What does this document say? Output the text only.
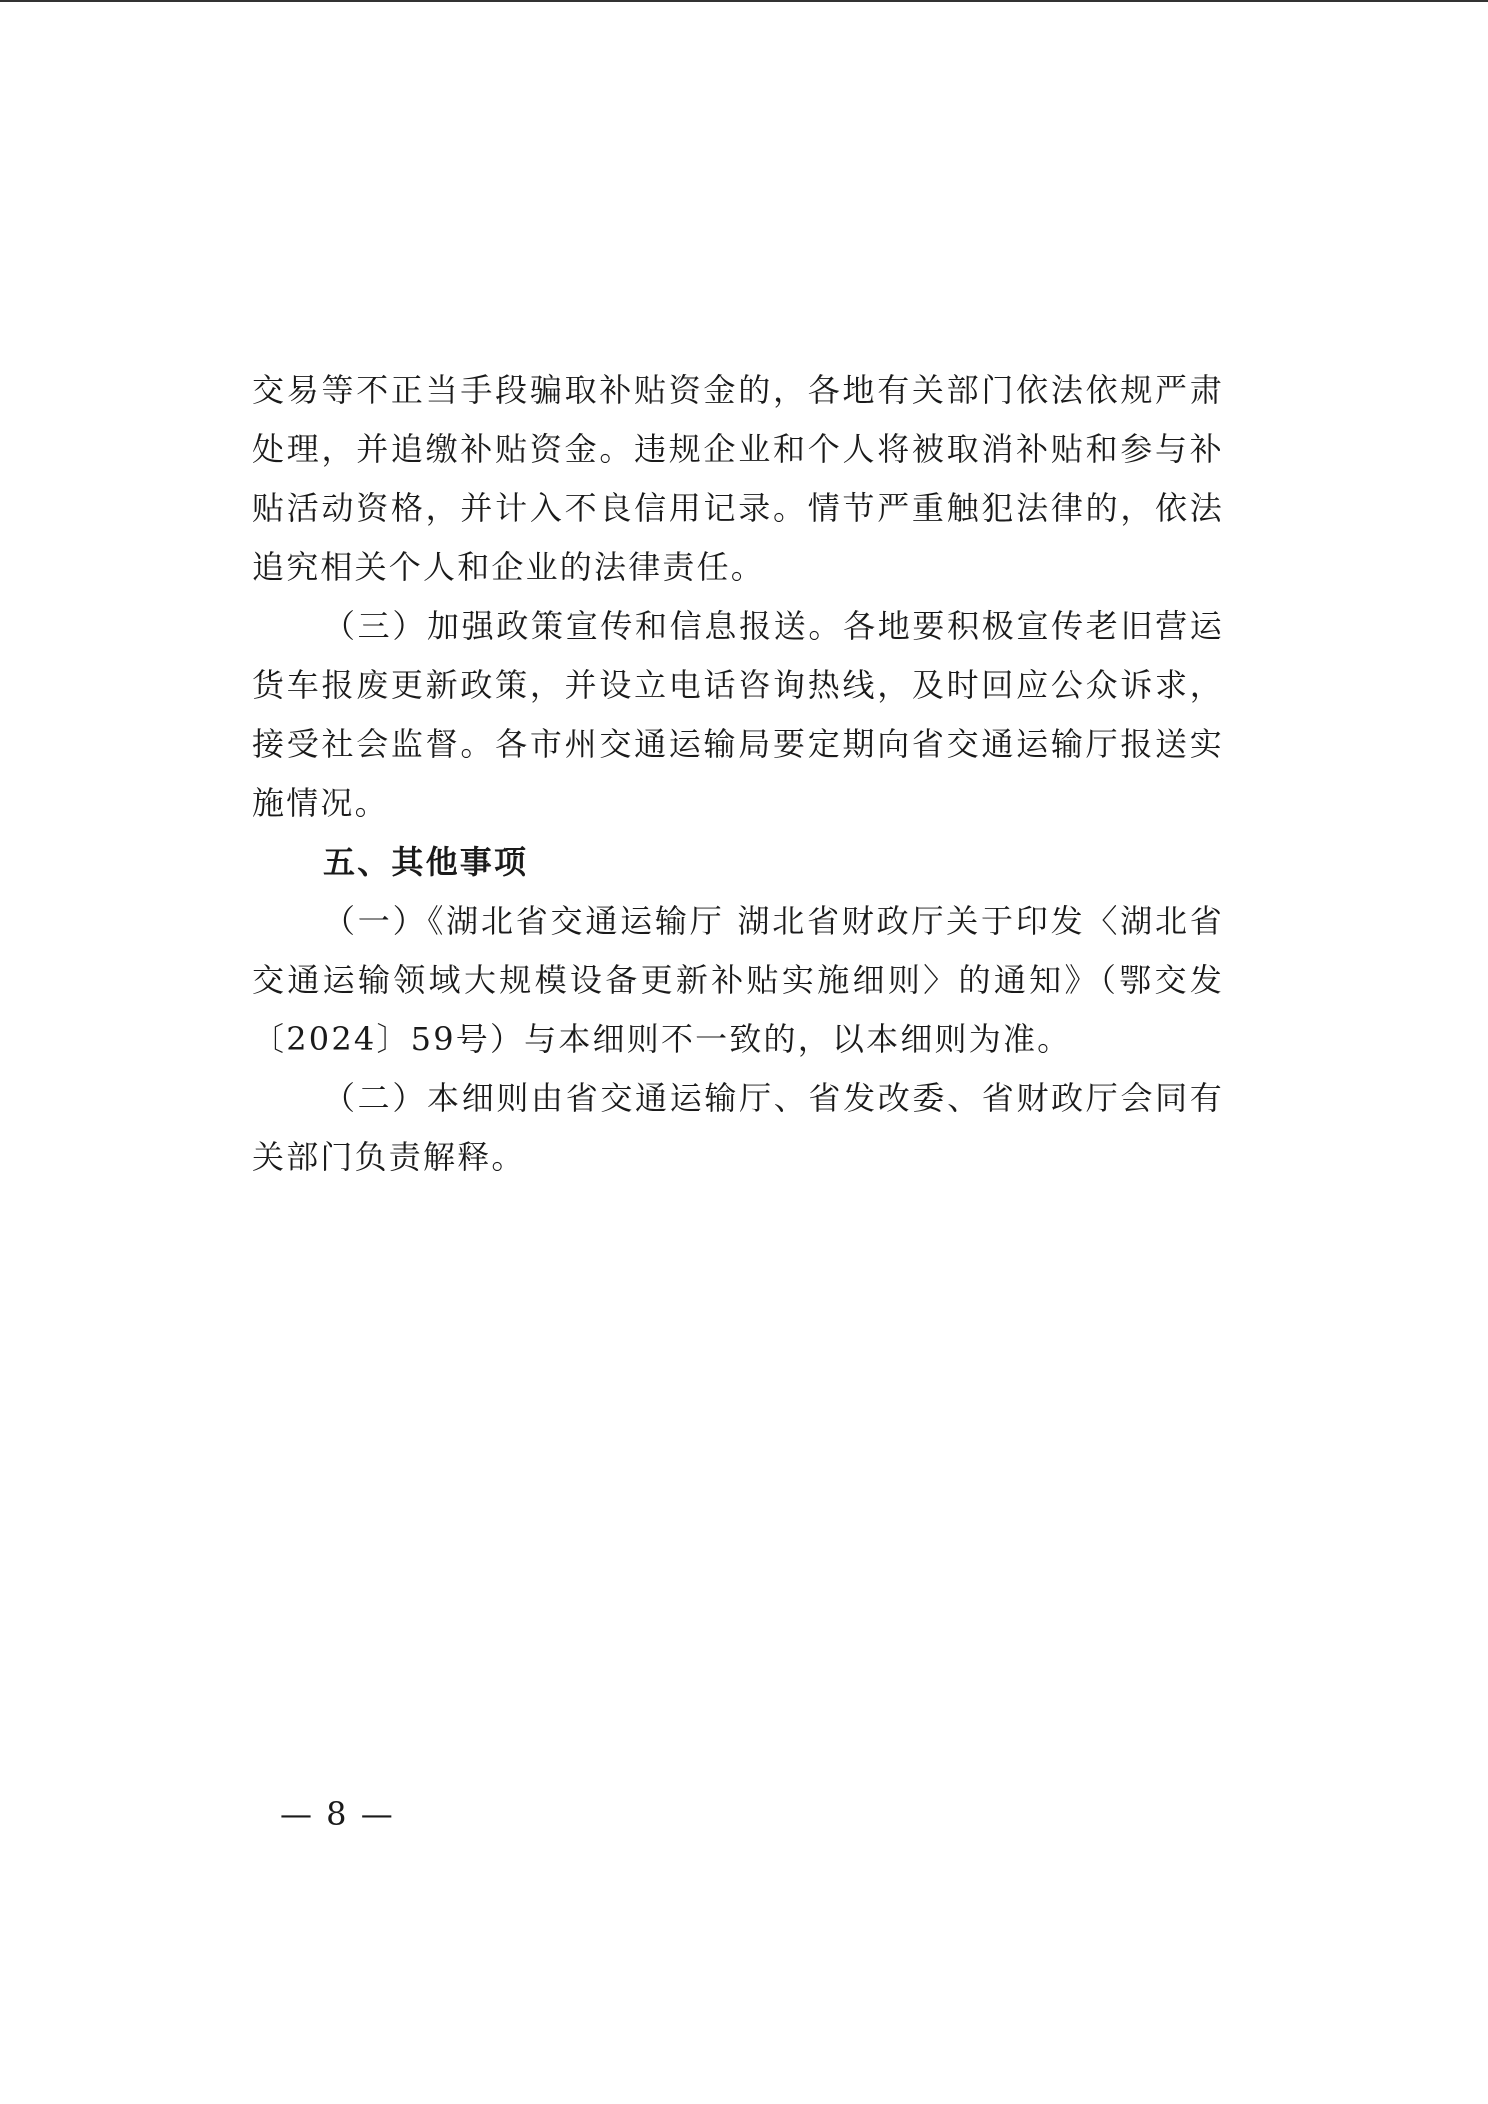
交易等不正当手段骗取补贴资金的，各地有关部门依法依规严肃处理，并追缴补贴资金。违规企业和个人将被取消补贴和参与补贴活动资格，并计入不良信用记录。情节严重触犯法律的，依法追究相关个人和企业的法律责任。

（三）加强政策宣传和信息报送。各地要积极宣传老旧营运货车报废更新政策，并设立电话咨询热线，及时回应公众诉求，接受社会监督。各市州交通运输局要定期向省交通运输厅报送实施情况。

五、其他事项

（一）《湖北省交通运输厅 湖北省财政厅关于印发〈湖北省交通运输领域大规模设备更新补贴实施细则〉的通知》（鄂交发〔2024〕59号）与本细则不一致的，以本细则为准。

（二）本细则由省交通运输厅、省发改委、省财政厅会同有关部门负责解释。

— 8 —
